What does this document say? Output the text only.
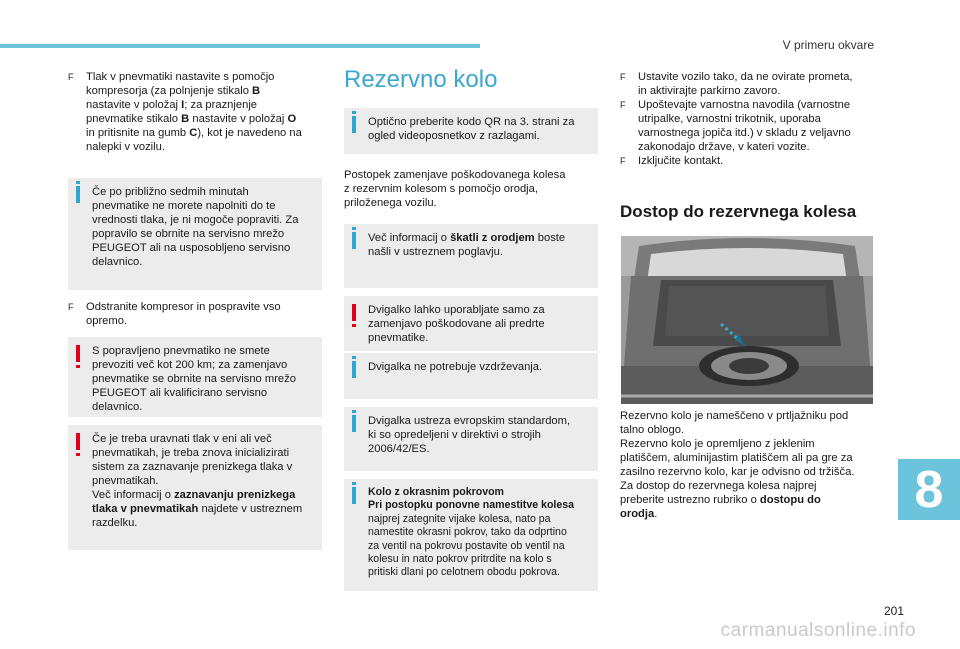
V primeru okvare
F Tlak v pnevmatiki nastavite s pomočjo
kompresorja (za polnjenje stikalo B
nastavite v položaj I; za praznjenje
pnevmatike stikalo B nastavite v položaj O
in pritisnite na gumb C), kot je navedeno na
nalepki v vozilu.

Če po približno sedmih minutah
pnevmatike ne morete napolniti do te
vrednosti tlaka, je ni mogoče popraviti. Za
popravilo se obrnite na servisno mrežo
PEUGEOT ali na usposobljeno servisno
delavnico.

F Odstranite kompresor in pospravite vso
opremo.

S popravljeno pnevmatiko ne smete
prevoziti več kot 200 km; za zamenjavo
pnevmatike se obrnite na servisno mrežo
PEUGEOT ali kvalificirano servisno
delavnico.

Če je treba uravnati tlak v eni ali več
pnevmatikah, je treba znova inicializirati
sistem za zaznavanje prenizkega tlaka v
pnevmatikah.
Več informacij o zaznavanju prenizkega
tlaka v pnevmatikah najdete v ustreznem
razdelku.

Rezervno kolo

Optično preberite kodo QR na 3. strani za
ogled videoposnetkov z razlagami.

Postopek zamenjave poškodovanega kolesa
z rezervnim kolesom s pomočjo orodja,
priloženega vozilu.

Več informacij o škatli z orodjem boste
našli v ustreznem poglavju.

Dvigalko lahko uporabljate samo za
zamenjavo poškodovane ali predrte
pnevmatike.

Dvigalka ne potrebuje vzdrževanja.

Dvigalka ustreza evropskim standardom,
ki so opredeljeni v direktivi o strojih
2006/42/ES.

Kolo z okrasnim pokrovom
Pri postopku ponovne namestitve kolesa
najprej zategnite vijake kolesa, nato pa
namestite okrasni pokrov, tako da odprtino
za ventil na pokrovu postavite ob ventil na
kolesu in nato pokrov pritrdite na kolo s
pritiski dlani po celotnem obodu pokrova.

F Ustavite vozilo tako, da ne ovirate prometa,
in aktivirajte parkirno zavoro.

F Upoštevajte varnostna navodila (varnostne
utripalke, varnostni trikotnik, uporaba
varnostnega jopiča itd.) v skladu z veljavno
zakonodajo države, v kateri vozite.

F Izključite kontakt.

Dostop do rezervnega kolesa

Rezervno kolo je nameščeno v prtljažniku pod
talno oblogo.
Rezervno kolo je opremljeno z jeklenim
platiščem, aluminijastim platiščem ali pa gre za
zasilno rezervno kolo, kar je odvisno od tržišča.
Za dostop do rezervnega kolesa najprej
preberite ustrezno rubriko o dostopu do
orodja.	8
201
carmanualsonline.info
